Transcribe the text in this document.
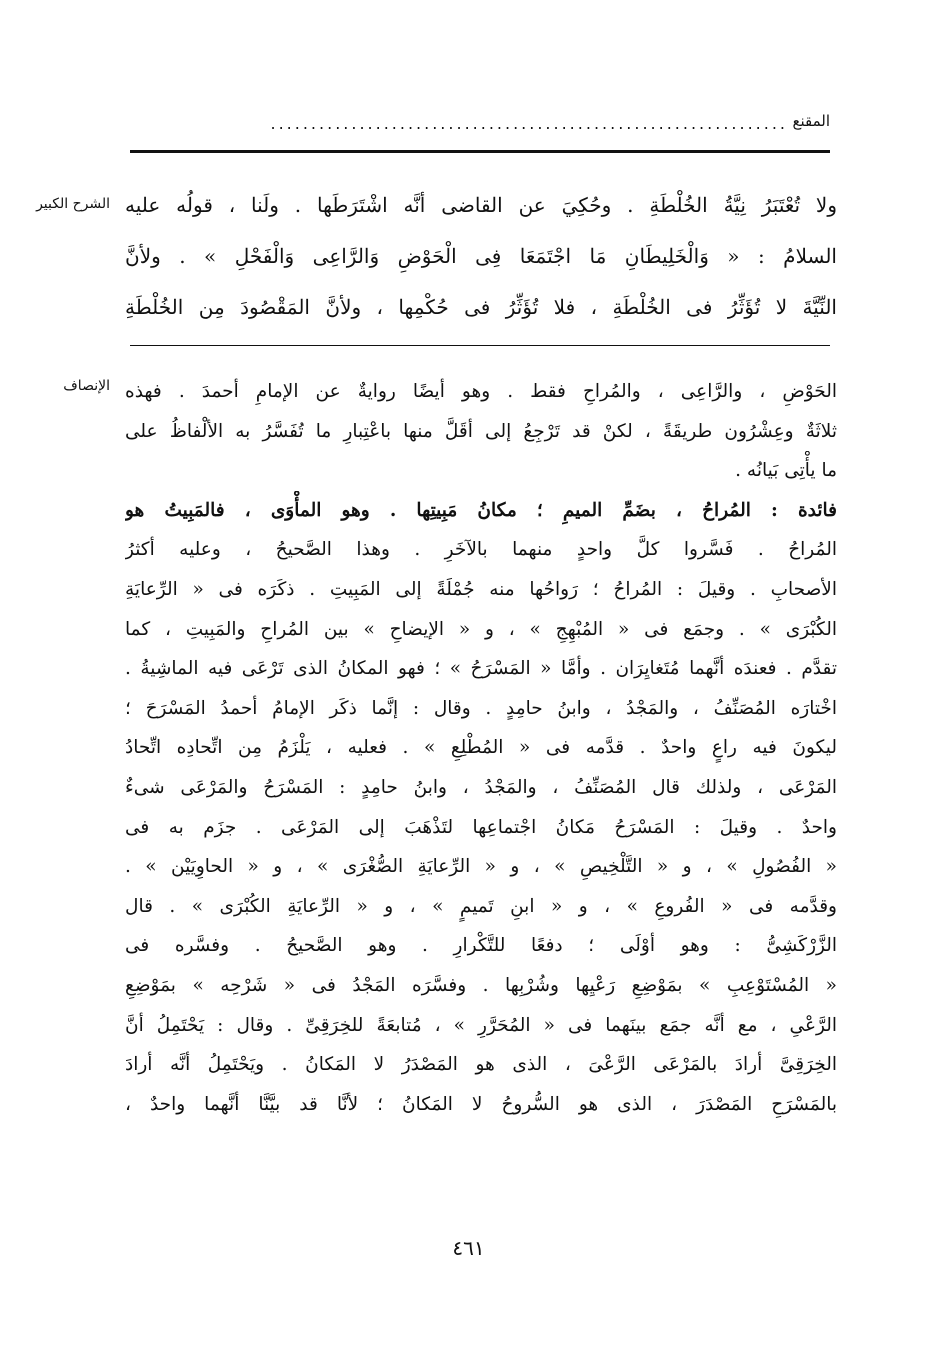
المقنع
................................................................
الشرح الكبير ولا تُعْتَبَرُ نِيَّةُ الخُلْطَةِ . وحُكِيَ عن القاضى أنَّه اشْتَرَطَها . ولَنا ، قولُه عليه
السلامُ : « وَالْخَلِيطَانِ مَا اجْتَمَعَا فِى الْحَوْضِ وَالرَّاعِى وَالْفَحْلِ » . ولأنَّ
النِّيَّةَ لا تُؤَثِّرُ فى الخُلْطَةِ ، فلا تُؤَثِّرُ فى حُكْمِها ، ولأنَّ المَقْصُودَ مِن الخُلْطَةِ
الإنصاف الحَوْضِ ، والرَّاعِى ، والمُراحِ فقط . وهو أيضًا روايةٌ عن الإمامِ أحمدَ . فهذه
ثلاثَةٌ وعِشْرُون طريقَةً ، لكنْ قد تَرْجِعُ إلى أقَلَّ منها باعْتِبارِ ما تُفَسَّرُ به الألْفاظُ على
ما يأْتِى بَيانُه .
فائدة : المُراحُ ، بضَمِّ الميمِ ؛ مكانُ مَبِيتِها . وهو المأْوَى ، فالمَبِيتُ هو
المُراحُ . فَسَّروا كلَّ واحدٍ منهما بالآخَرِ . وهذا الصَّحيحُ ، وعليه أكثرُ
الأصحابِ . وقيلَ : المُراحُ ؛ رَواحُها منه جُمْلَةً إلى المَبِيتِ . ذكَرَه فى « الرِّعايَةِ
الكُبْرَى » . وجمَع فى « المُبْهِجِ » ، و « الإيضاحِ » بين المُراحِ والمَبِيتِ ، كما
تقدَّم . فعندَه أنَّهما مُتَغايِرَان . وأمَّا « المَسْرَحُ » ؛ فهو المكانُ الذى تَرْعَى فيه الماشِيةُ .
اخْتارَه المُصَنِّفُ ، والمَجْدُ ، وابنُ حامِدٍ . وقال : إنَّما ذكَر الإمامُ أحمدُ المَسْرَحَ ؛
ليكونَ فيه راعٍ واحدٌ . قدَّمه فى « المُطْلِعِ » . فعليه ، يَلْزَمُ مِن اتِّحادِه اتِّحادُ
المَرْعَى ، ولذلك قال المُصَنِّفُ ، والمَجْدُ ، وابنُ حامِدٍ : المَسْرَحُ والمَرْعَى شىءٌ
واحدٌ . وقيلَ : المَسْرَحُ مَكانُ اجْتماعِها لتَذْهَبَ إلى المَرْعَى . جزَم به فى
« الفُصُولِ » ، و « التَّلْخِيصِ » ، و « الرِّعايَةِ الصُّغْرَى » ، و « الحاوِيَيْن » .
وقدَّمه فى « الفُروعِ » ، و « ابنِ تَميمٍ » ، و « الرِّعايَةِ الكُبْرَى » . قال
الزَّرْكَشِىُّ : وهو أوْلَى ؛ دفعًا للتَّكْرارِ . وهو الصَّحيحُ . وفسَّره فى
« المُسْتَوْعِبِ » بمَوْضِعِ رَعْيِها وشُرْبِها . وفسَّرَه المَجْدُ فى « شَرْحِه » بمَوْضِعِ
الرَّعْىِ ، مع أنَّه جمَع بينَهما فى « المُحَرَّرِ » ، مُتابعَةً للخِرَقِىِّ . وقال : يَحْتَمِلُ أنَّ
الخِرَقِىَّ أرادَ بالمَرْعَى الرَّعْىَ ، الذى هو المَصْدَرُ لا المَكانُ . ويَحْتَمِلُ أنَّه أرادَ
بالمَسْرَحِ المَصْدَرَ ، الذى هو السُّروحُ لا المَكانُ ؛ لأنَّا قد بيَّنَّا أنَّهما واحدٌ ،
٤٦١
